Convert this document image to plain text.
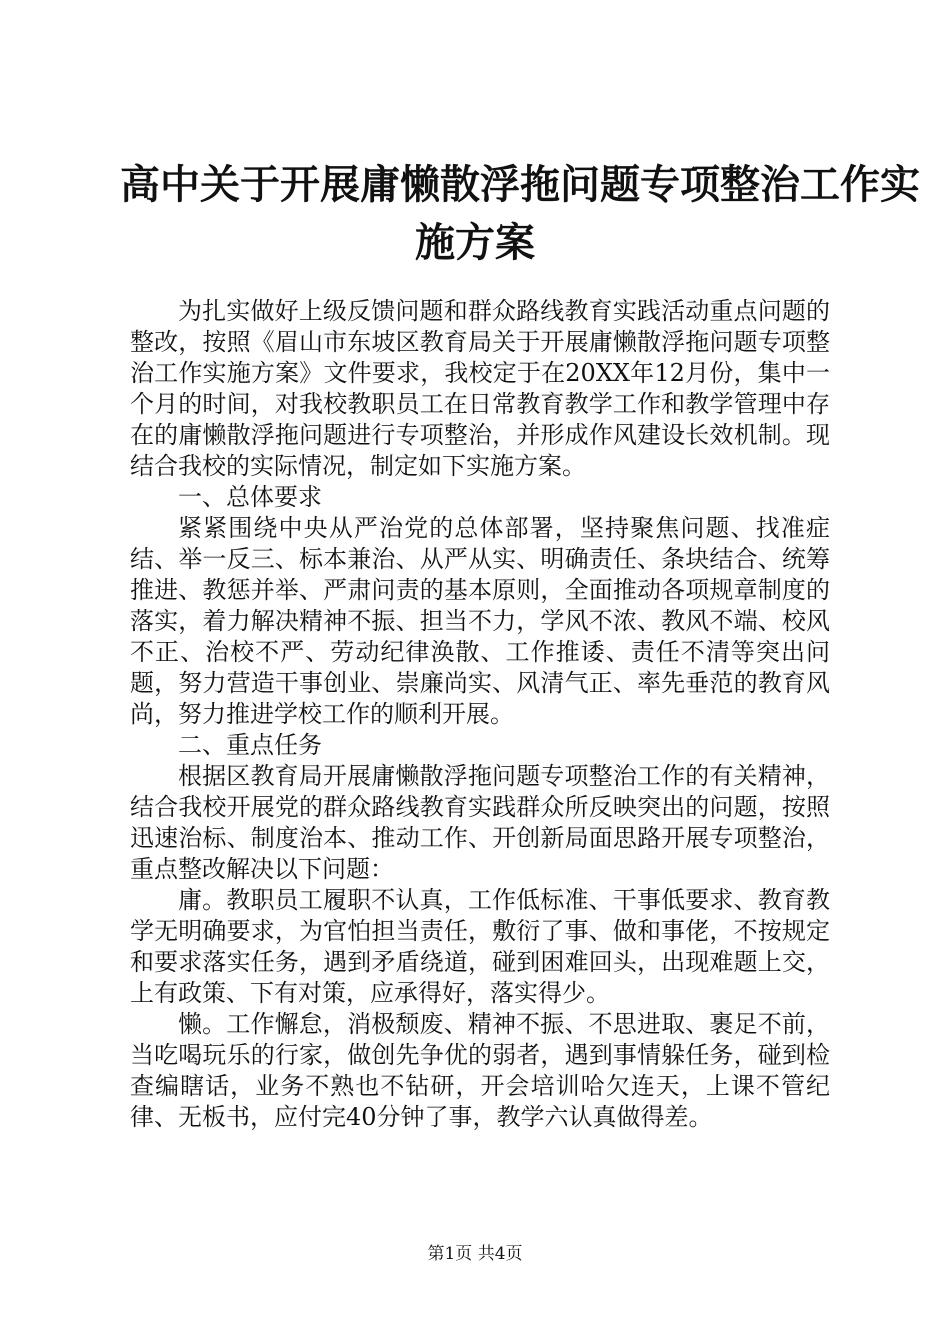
高中关于开展庸懒散浮拖问题专项整治工作实
施方案

为扎实做好上级反馈问题和群众路线教育实践活动重点问题的整改，按照《眉山市东坡区教育局关于开展庸懒散浮拖问题专项整治工作实施方案》文件要求，我校定于在20XX年12月份，集中一个月的时间，对我校教职员工在日常教育教学工作和教学管理中存在的庸懒散浮拖问题进行专项整治，并形成作风建设长效机制。现结合我校的实际情况，制定如下实施方案。

一、总体要求

紧紧围绕中央从严治党的总体部署，坚持聚焦问题、找准症结、举一反三、标本兼治、从严从实、明确责任、条块结合、统筹推进、教惩并举、严肃问责的基本原则，全面推动各项规章制度的落实，着力解决精神不振、担当不力，学风不浓、教风不端、校风不正、治校不严、劳动纪律涣散、工作推诿、责任不清等突出问题，努力营造干事创业、崇廉尚实、风清气正、率先垂范的教育风尚，努力推进学校工作的顺利开展。

二、重点任务

根据区教育局开展庸懒散浮拖问题专项整治工作的有关精神，结合我校开展党的群众路线教育实践群众所反映突出的问题，按照迅速治标、制度治本、推动工作、开创新局面思路开展专项整治，重点整改解决以下问题：

庸。教职员工履职不认真，工作低标准、干事低要求、教育教学无明确要求，为官怕担当责任，敷衍了事、做和事佬，不按规定和要求落实任务，遇到矛盾绕道，碰到困难回头，出现难题上交，上有政策、下有对策，应承得好，落实得少。

懒。工作懈怠，消极颓废、精神不振、不思进取、裹足不前，当吃喝玩乐的行家，做创先争优的弱者，遇到事情躲任务，碰到检查编瞎话，业务不熟也不钻研，开会培训哈欠连天，上课不管纪律、无板书，应付完40分钟了事，教学六认真做得差。

第1页 共4页
